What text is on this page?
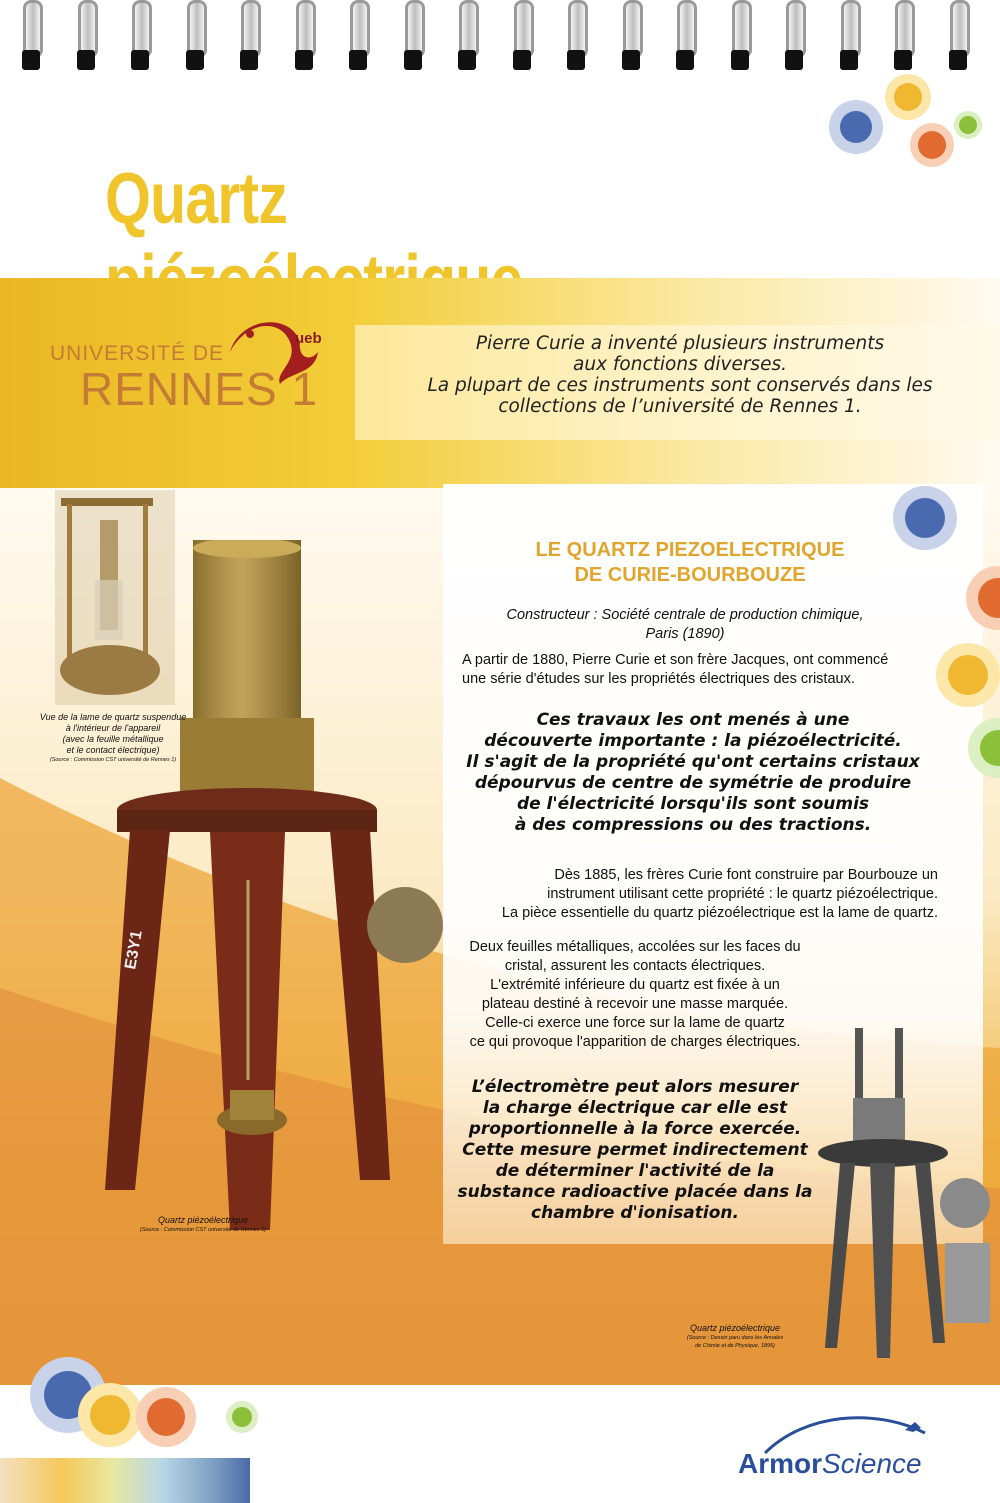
Quartz
ueb
UNIVERSITÉ DE
RENNES 1
Pierre Curie a inventé plusieurs instruments
aux fonctions diverses.
La plupart de ces instruments sont conservés dans les
collections de l’université de Rennes 1.
E3Y1
LE QUARTZ PIEZOELECTRIQUE
DE CURIE-BOURBOUZE
Constructeur : Société centrale de production chimique,
Paris (1890)
A partir de 1880, Pierre Curie et son frère Jacques, ont commencé
une série d'études sur les propriétés électriques des cristaux.
Ces travaux les ont menés à une
découverte importante : la piézoélectricité.
Il s'agit de la propriété qu'ont certains cristaux
dépourvus de centre de symétrie de produire
de l'électricité lorsqu'ils sont soumis
à des compressions ou des tractions.
Dès 1885, les frères Curie font construire par Bourbouze un
instrument utilisant cette propriété : le quartz piézoélectrique.
La pièce essentielle du quartz piézoélectrique est la lame de quartz.
Deux feuilles métalliques, accolées sur les faces du
cristal, assurent les contacts électriques.
L'extrémité inférieure du quartz est fixée à un
plateau destiné à recevoir une masse marquée.
Celle-ci exerce une force sur la lame de quartz
ce qui provoque l'apparition de charges électriques.
L’électromètre peut alors mesurer
la charge électrique car elle est
proportionnelle à la force exercée.
Cette mesure permet indirectement
de déterminer l'activité de la
substance radioactive placée dans la
chambre d'ionisation.
Vue de la lame de quartz suspendue
à l'intérieur de l'appareil
(avec la feuille métallique
et le contact électrique)
(Source : Commission CST université de Rennes 1)
Quartz piézoélectrique
(Source : Commission CST université de Rennes 1)
Quartz piézoélectrique
(Source : Dessin paru dans les Annales
de Chimie et de Physique, 1895)
ArmorScience
